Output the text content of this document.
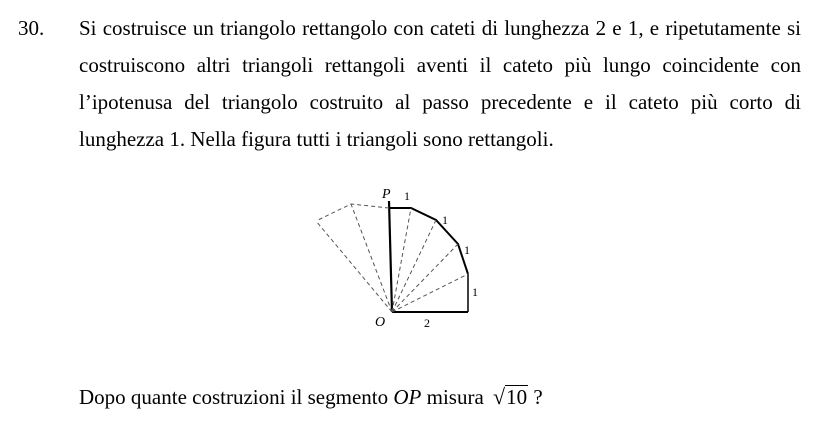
30. Si costruisce un triangolo rettangolo con cateti di lunghezza 2 e 1, e ripetutamente si costruiscono altri triangoli rettangoli aventi il cateto più lungo coincidente con l’ipotenusa del triangolo costruito al passo precedente e il cateto più corto di lunghezza 1. Nella figura tutti i triangoli sono rettangoli.

O
P
2
1
1
1
1
Dopo quante costruzioni il segmento OP misura √10 ?
